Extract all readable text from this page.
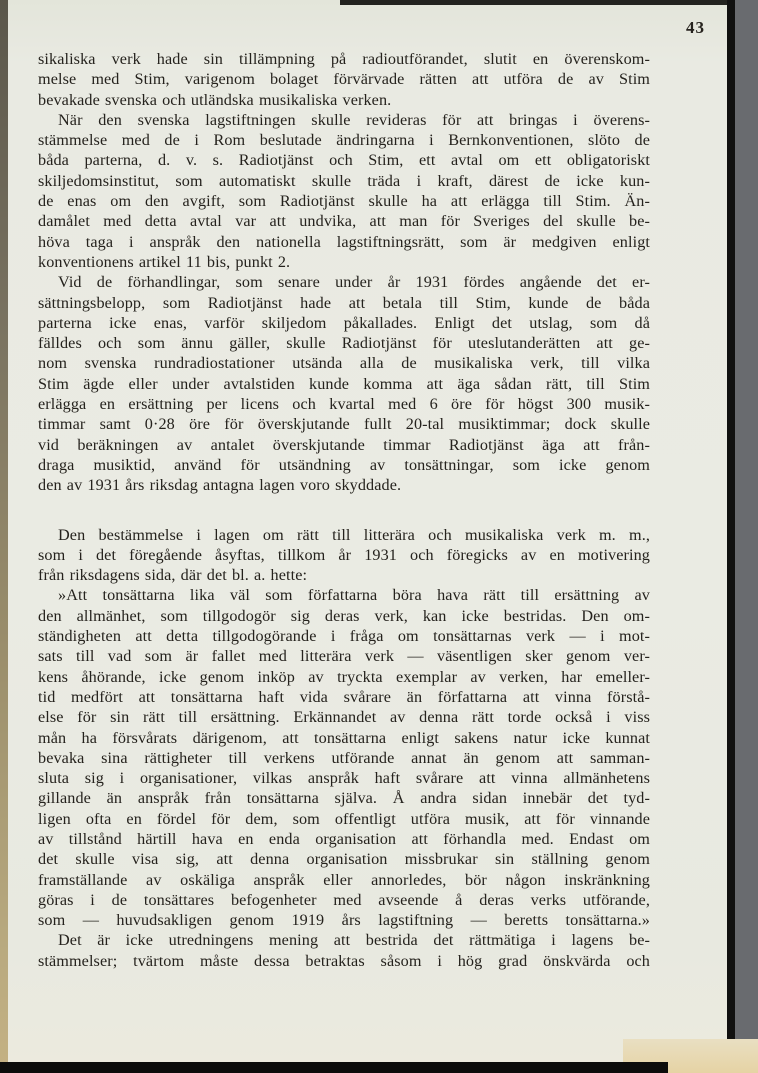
43
sikaliska verk hade sin tillämpning på radioutförandet, slutit en överenskom-
melse med Stim, varigenom bolaget förvärvade rätten att utföra de av Stim
bevakade svenska och utländska musikaliska verken.
När den svenska lagstiftningen skulle revideras för att bringas i överens-
stämmelse med de i Rom beslutade ändringarna i Bernkonventionen, slöto de
båda parterna, d. v. s. Radiotjänst och Stim, ett avtal om ett obligatoriskt
skiljedomsinstitut, som automatiskt skulle träda i kraft, därest de icke kun-
de enas om den avgift, som Radiotjänst skulle ha att erlägga till Stim. Än-
damålet med detta avtal var att undvika, att man för Sveriges del skulle be-
höva taga i anspråk den nationella lagstiftningsrätt, som är medgiven enligt
konventionens artikel 11 bis, punkt 2.
Vid de förhandlingar, som senare under år 1931 fördes angående det er-
sättningsbelopp, som Radiotjänst hade att betala till Stim, kunde de båda
parterna icke enas, varför skiljedom påkallades. Enligt det utslag, som då
fälldes och som ännu gäller, skulle Radiotjänst för uteslutanderätten att ge-
nom svenska rundradiostationer utsända alla de musikaliska verk, till vilka
Stim ägde eller under avtalstiden kunde komma att äga sådan rätt, till Stim
erlägga en ersättning per licens och kvartal med 6 öre för högst 300 musik-
timmar samt 0·28 öre för överskjutande fullt 20-tal musiktimmar; dock skulle
vid beräkningen av antalet överskjutande timmar Radiotjänst äga att från-
draga musiktid, använd för utsändning av tonsättningar, som icke genom
den av 1931 års riksdag antagna lagen voro skyddade.
Den bestämmelse i lagen om rätt till litterära och musikaliska verk m. m.,
som i det föregående åsyftas, tillkom år 1931 och föregicks av en motivering
från riksdagens sida, där det bl. a. hette:
»Att tonsättarna lika väl som författarna böra hava rätt till ersättning av
den allmänhet, som tillgodogör sig deras verk, kan icke bestridas. Den om-
ständigheten att detta tillgodogörande i fråga om tonsättarnas verk — i mot-
sats till vad som är fallet med litterära verk — väsentligen sker genom ver-
kens åhörande, icke genom inköp av tryckta exemplar av verken, har emeller-
tid medfört att tonsättarna haft vida svårare än författarna att vinna förstå-
else för sin rätt till ersättning. Erkännandet av denna rätt torde också i viss
mån ha försvårats därigenom, att tonsättarna enligt sakens natur icke kunnat
bevaka sina rättigheter till verkens utförande annat än genom att samman-
sluta sig i organisationer, vilkas anspråk haft svårare att vinna allmänhetens
gillande än anspråk från tonsättarna själva. Å andra sidan innebär det tyd-
ligen ofta en fördel för dem, som offentligt utföra musik, att för vinnande
av tillstånd härtill hava en enda organisation att förhandla med. Endast om
det skulle visa sig, att denna organisation missbrukar sin ställning genom
framställande av oskäliga anspråk eller annorledes, bör någon inskränkning
göras i de tonsättares befogenheter med avseende å deras verks utförande,
som — huvudsakligen genom 1919 års lagstiftning — beretts tonsättarna.»
Det är icke utredningens mening att bestrida det rättmätiga i lagens be-
stämmelser; tvärtom måste dessa betraktas såsom i hög grad önskvärda och
